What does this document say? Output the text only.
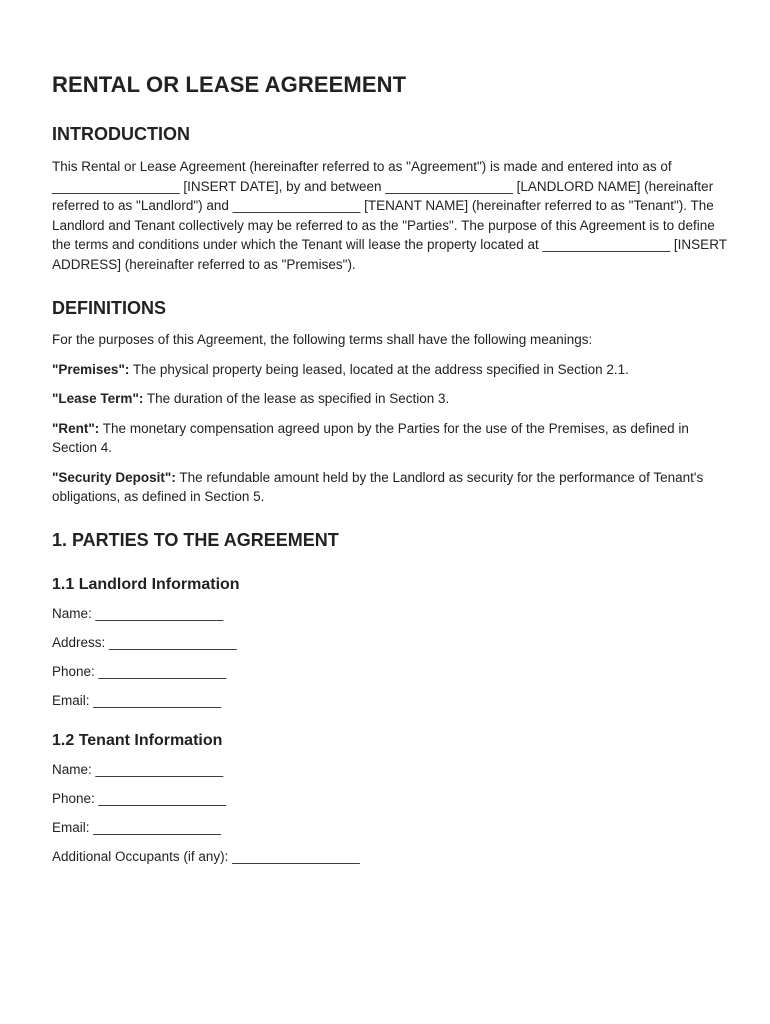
RENTAL OR LEASE AGREEMENT
INTRODUCTION

This Rental or Lease Agreement (hereinafter referred to as "Agreement") is made and entered into as of _________________ [INSERT DATE], by and between _________________ [LANDLORD NAME] (hereinafter referred to as "Landlord") and _________________ [TENANT NAME] (hereinafter referred to as "Tenant"). The Landlord and Tenant collectively may be referred to as the "Parties". The purpose of this Agreement is to define the terms and conditions under which the Tenant will lease the property located at _________________ [INSERT ADDRESS] (hereinafter referred to as "Premises").

DEFINITIONS

For the purposes of this Agreement, the following terms shall have the following meanings:

"Premises": The physical property being leased, located at the address specified in Section 2.1.

"Lease Term": The duration of the lease as specified in Section 3.

"Rent": The monetary compensation agreed upon by the Parties for the use of the Premises, as defined in Section 4.

"Security Deposit": The refundable amount held by the Landlord as security for the performance of Tenant's obligations, as defined in Section 5.

1. PARTIES TO THE AGREEMENT
1.1 Landlord Information

Name: _________________

Address: _________________

Phone: _________________

Email: _________________

1.2 Tenant Information

Name: _________________

Phone: _________________

Email: _________________

Additional Occupants (if any): _________________
